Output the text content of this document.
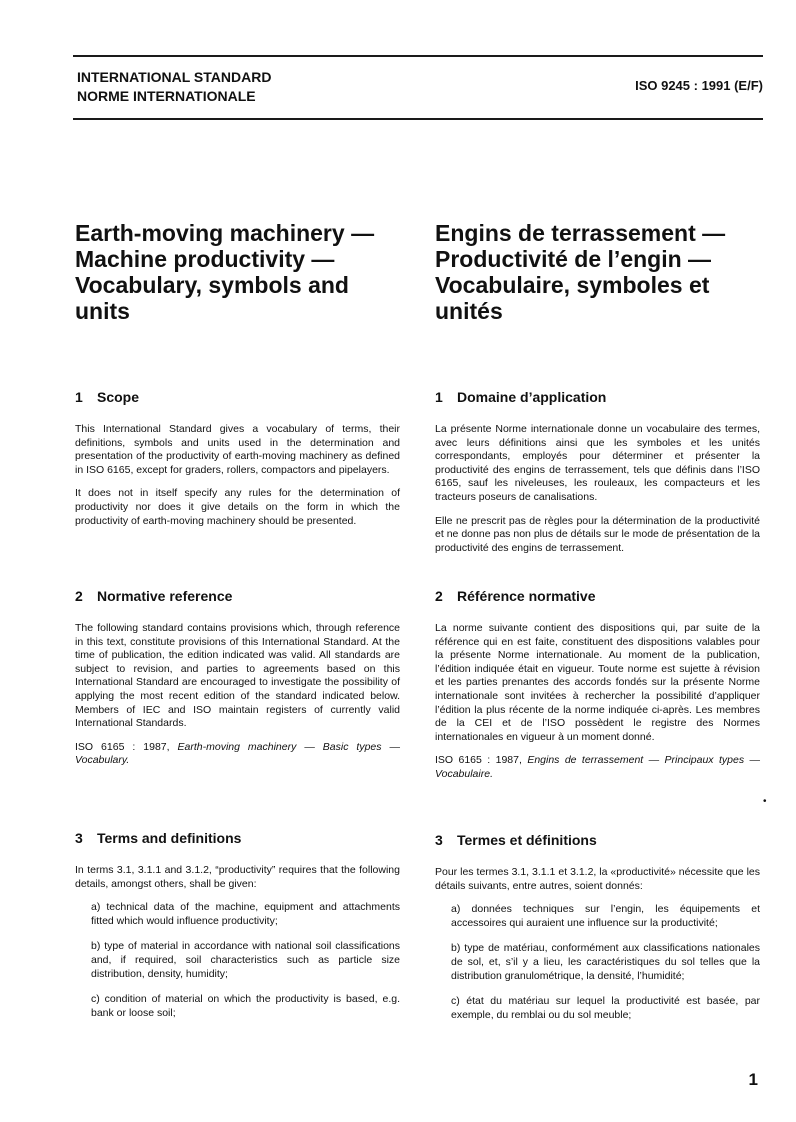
INTERNATIONAL STANDARD
NORME INTERNATIONALE
ISO 9245 : 1991 (E/F)
Earth-moving machinery —
Machine productivity —
Vocabulary, symbols and
units
Engins de terrassement —
Productivité de l’engin —
Vocabulaire, symboles et
unités
1 Scope

This International Standard gives a vocabulary of terms, their definitions, symbols and units used in the determination and presentation of the productivity of earth-moving machinery as defined in ISO 6165, except for graders, rollers, compactors and pipelayers.

It does not in itself specify any rules for the determination of productivity nor does it give details on the form in which the productivity of earth-moving machinery should be presented.

1 Domaine d’application

La présente Norme internationale donne un vocabulaire des termes, avec leurs définitions ainsi que les symboles et les unités correspondants, employés pour déterminer et présenter la productivité des engins de terrassement, tels que définis dans l’ISO 6165, sauf les niveleuses, les rouleaux, les compacteurs et les tracteurs poseurs de canalisations.

Elle ne prescrit pas de règles pour la détermination de la productivité et ne donne pas non plus de détails sur le mode de présentation de la productivité des engins de terrassement.

2 Normative reference

The following standard contains provisions which, through reference in this text, constitute provisions of this International Standard. At the time of publication, the edition indicated was valid. All standards are subject to revision, and parties to agreements based on this International Standard are encouraged to investigate the possibility of applying the most recent edition of the standard indicated below. Members of IEC and ISO maintain registers of currently valid International Standards.

ISO 6165 : 1987, Earth-moving machinery — Basic types — Vocabulary.

2 Référence normative

La norme suivante contient des dispositions qui, par suite de la référence qui en est faite, constituent des dispositions valables pour la présente Norme internationale. Au moment de la publication, l’édition indiquée était en vigueur. Toute norme est sujette à révision et les parties prenantes des accords fondés sur la présente Norme internationale sont invitées à rechercher la possibilité d’appliquer l’édition la plus récente de la norme indiquée ci-après. Les membres de la CEI et de l’ISO possèdent le registre des Normes internationales en vigueur à un moment donné.

ISO 6165 : 1987, Engins de terrassement — Principaux types — Vocabulaire.

•
3 Terms and definitions

In terms 3.1, 3.1.1 and 3.1.2, “productivity” requires that the following details, amongst others, shall be given:

a) technical data of the machine, equipment and attachments fitted which would influence productivity;

b) type of material in accordance with national soil classifications and, if required, soil characteristics such as particle size distribution, density, humidity;

c) condition of material on which the productivity is based, e.g. bank or loose soil;

3 Termes et définitions

Pour les termes 3.1, 3.1.1 et 3.1.2, la «productivité» nécessite que les détails suivants, entre autres, soient donnés:

a) données techniques sur l’engin, les équipements et accessoires qui auraient une influence sur la productivité;

b) type de matériau, conformément aux classifications nationales de sol, et, s’il y a lieu, les caractéristiques du sol telles que la distribution granulométrique, la densité, l’humidité;

c) état du matériau sur lequel la productivité est basée, par exemple, du remblai ou du sol meuble;

1
